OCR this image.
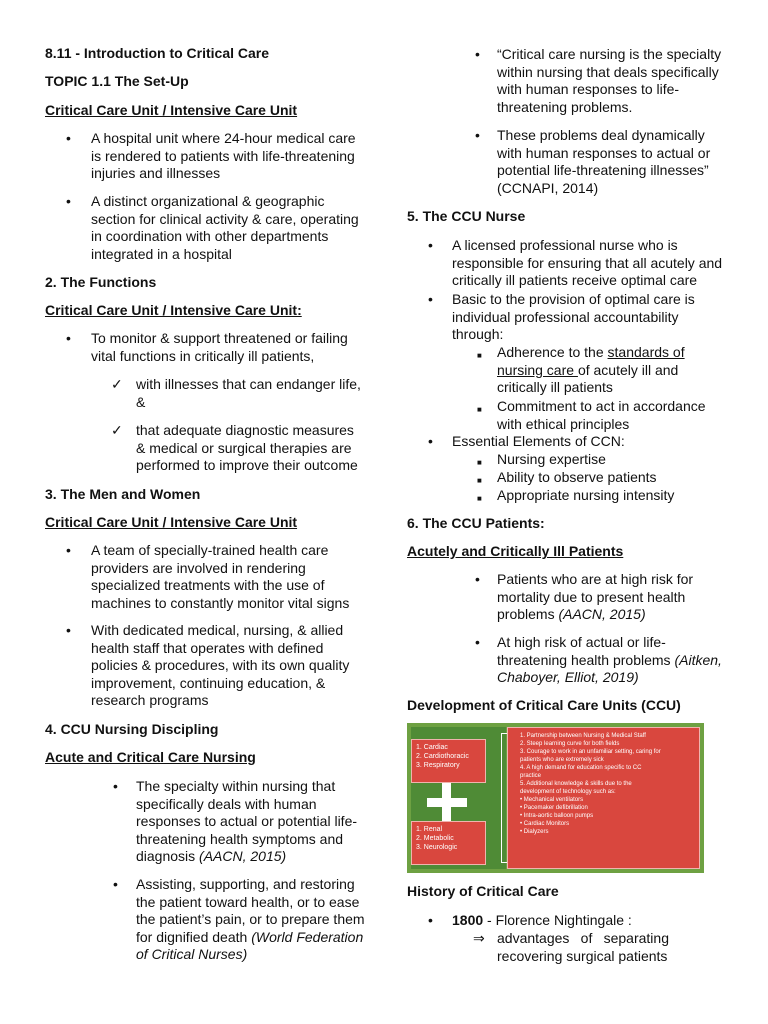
8.11 - Introduction to Critical Care
TOPIC 1.1 The Set-Up
Critical Care Unit / Intensive Care Unit
• A hospital unit where 24-hour medical care
is rendered to patients with life-threatening
injuries and illnesses
• A distinct organizational & geographic
section for clinical activity & care, operating
in coordination with other departments
integrated in a hospital
2. The Functions
Critical Care Unit / Intensive Care Unit:
• To monitor & support threatened or failing
vital functions in critically ill patients,
✓ with illnesses that can endanger life,
&
✓ that adequate diagnostic measures
& medical or surgical therapies are
performed to improve their outcome
3. The Men and Women
Critical Care Unit / Intensive Care Unit
• A team of specially-trained health care
providers are involved in rendering
specialized treatments with the use of
machines to constantly monitor vital signs
• With dedicated medical, nursing, & allied
health staff that operates with defined
policies & procedures, with its own quality
improvement, continuing education, &
research programs
4. CCU Nursing Discipling
Acute and Critical Care Nursing
• The specialty within nursing that
specifically deals with human
responses to actual or potential life-
threatening health symptoms and
diagnosis (AACN, 2015)
• Assisting, supporting, and restoring
the patient toward health, or to ease
the patient’s pain, or to prepare them
for dignified death (World Federation
of Critical Nurses)
• “Critical care nursing is the specialty
within nursing that deals specifically
with human responses to life-
threatening problems.
• These problems deal dynamically
with human responses to actual or
potential life-threatening illnesses”
(CCNAPI, 2014)
5. The CCU Nurse
• A licensed professional nurse who is
responsible for ensuring that all acutely and
critically ill patients receive optimal care
• Basic to the provision of optimal care is
individual professional accountability
through:
■ Adherence to the standards of
nursing care of acutely ill and
critically ill patients
■ Commitment to act in accordance
with ethical principles
• Essential Elements of CCN:
■ Nursing expertise
■ Ability to observe patients
■ Appropriate nursing intensity
6. The CCU Patients:
Acutely and Critically Ill Patients
• Patients who are at high risk for
mortality due to present health
problems (AACN, 2015)
• At high risk of actual or life-
threatening health problems (Aitken,
Chaboyer, Elliot, 2019)
Development of Critical Care Units (CCU)
1. Cardiac
2. Cardiothoracic
3. Respiratory
1. Renal
2. Metabolic
3. Neurologic
1. Partnership between Nursing & Medical Staff
2. Steep learning curve for both fields
3. Courage to work in an unfamiliar setting, caring for
patients who are extremely sick
4. A high demand for education specific to CC
practice
5. Additional knowledge & skills due to the
development of technology such as:
• Mechanical ventilators
• Pacemaker defibrillation
• Intra-aortic balloon pumps
• Cardiac Monitors
• Dialyzers
History of Critical Care
• 1800 - Florence Nightingale :
⇒ advantages of separating
recovering surgical patients
